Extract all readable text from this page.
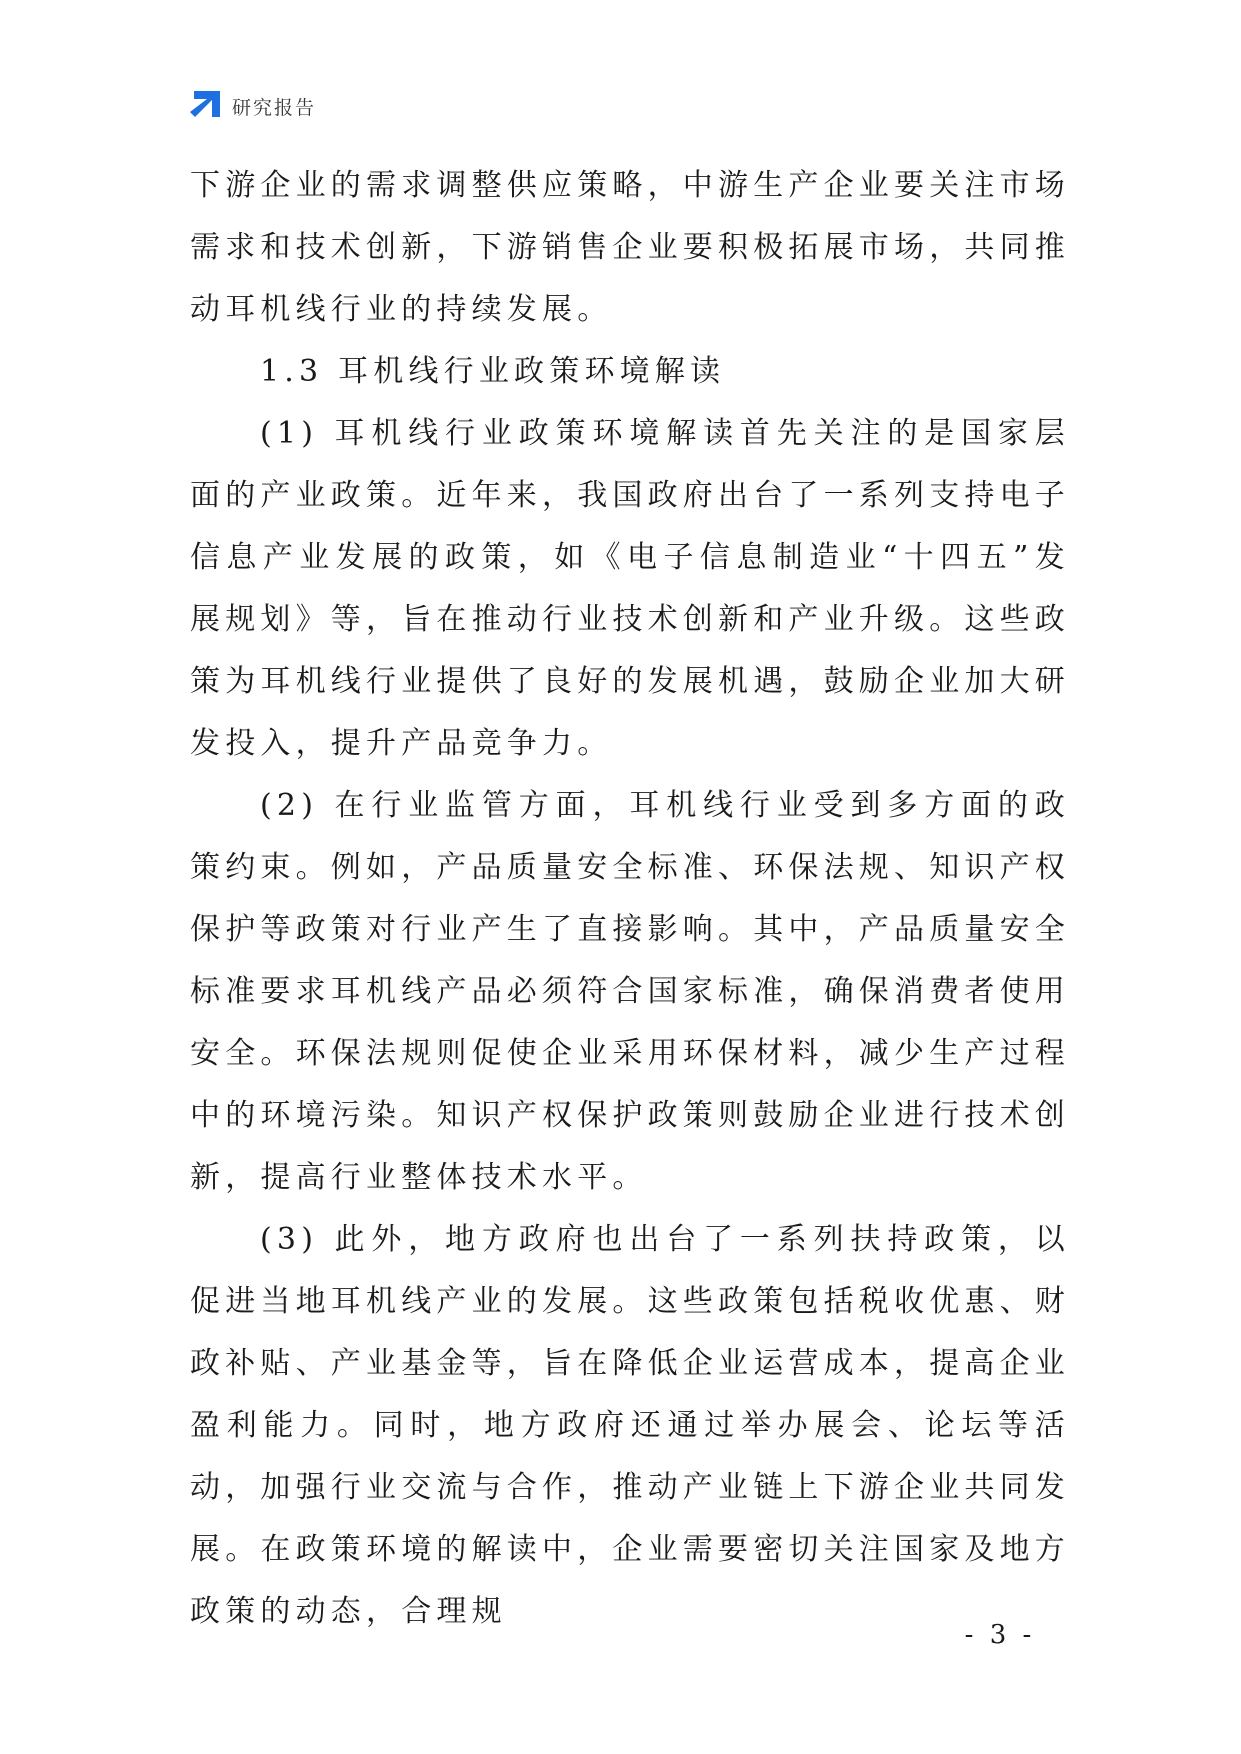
研究报告

下游企业的需求调整供应策略，中游生产企业要关注市场需求和技术创新，下游销售企业要积极拓展市场，共同推动耳机线行业的持续发展。

1.3 耳机线行业政策环境解读

(1) 耳机线行业政策环境解读首先关注的是国家层面的产业政策。近年来，我国政府出台了一系列支持电子信息产业发展的政策，如《电子信息制造业“十四五”发展规划》等，旨在推动行业技术创新和产业升级。这些政策为耳机线行业提供了良好的发展机遇，鼓励企业加大研发投入，提升产品竞争力。

(2) 在行业监管方面，耳机线行业受到多方面的政策约束。例如，产品质量安全标准、环保法规、知识产权保护等政策对行业产生了直接影响。其中，产品质量安全标准要求耳机线产品必须符合国家标准，确保消费者使用安全。环保法规则促使企业采用环保材料，减少生产过程中的环境污染。知识产权保护政策则鼓励企业进行技术创新，提高行业整体技术水平。

(3) 此外，地方政府也出台了一系列扶持政策，以促进当地耳机线产业的发展。这些政策包括税收优惠、财政补贴、产业基金等，旨在降低企业运营成本，提高企业盈利能力。同时，地方政府还通过举办展会、论坛等活动，加强行业交流与合作，推动产业链上下游企业共同发展。在政策环境的解读中，企业需要密切关注国家及地方政策的动态，合理规

- 3 -
